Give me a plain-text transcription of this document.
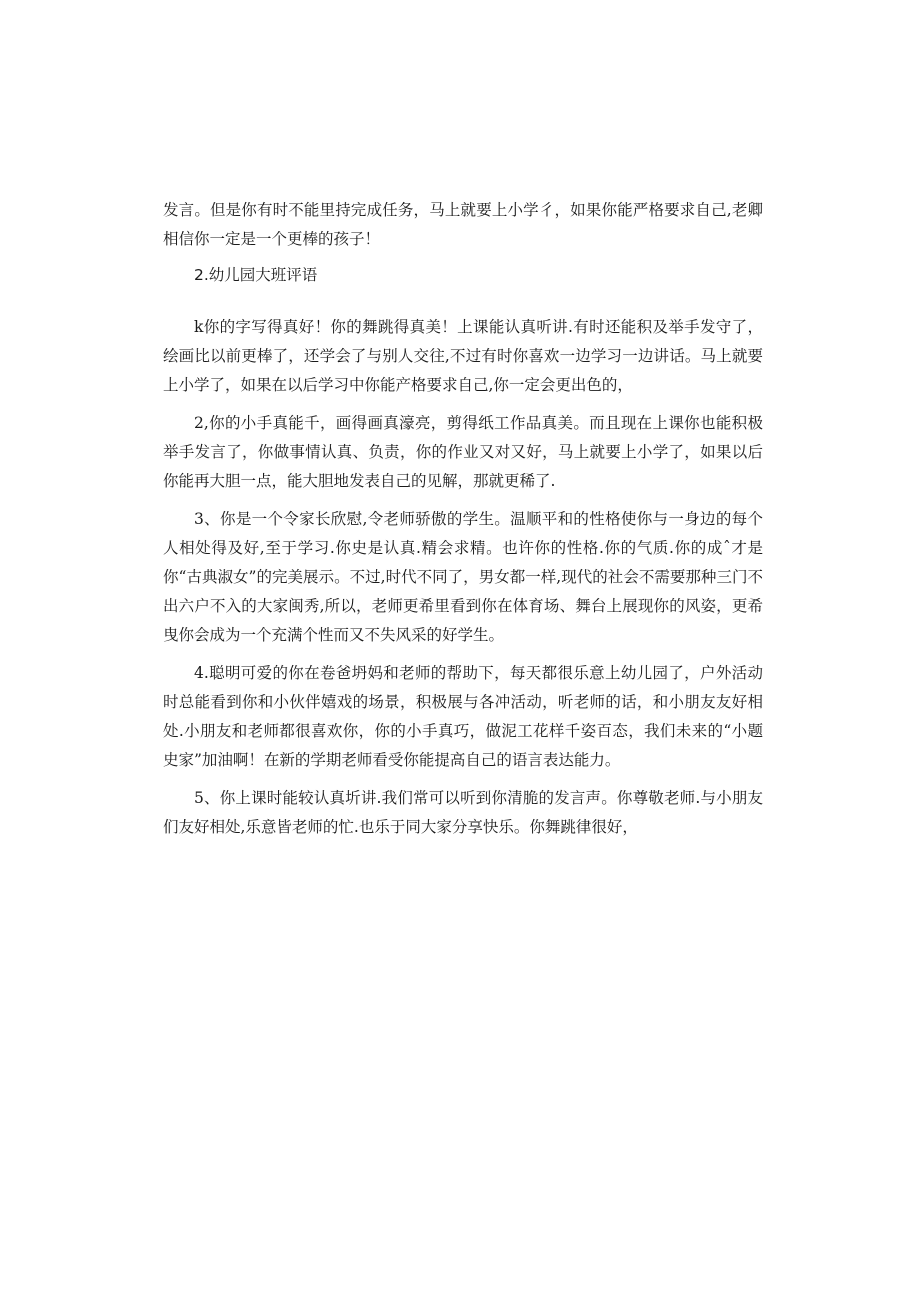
发言。但是你有时不能里持完成任务，马上就要上小学彳，如果你能严格要求自己,老卿相信你一定是一个更棒的孩子！

2.幼儿园大班评语

k你的字写得真好！你的舞跳得真美！上课能认真听讲.有时还能积及举手发守了，绘画比以前更棒了，还学会了与别人交往,不过有时你喜欢一边学习一边讲话。马上就要上小学了，如果在以后学习中你能产格要求自己,你一定会更出色的，

2,你的小手真能千，画得画真濠亮，剪得纸工作品真美。而且现在上课你也能积极举手发言了，你做事情认真、负责，你的作业又对又好，马上就要上小学了，如果以后你能再大胆一点，能大胆地发表自己的见解，那就更稀了.

3、你是一个令家长欣慰,令老师骄傲的学生。温顺平和的性格使你与一身边的每个人相处得及好,至于学习.你史是认真.精会求精。也许你的性格.你的气质.你的成ˆ才是你“古典淑女”的完美展示。不过,时代不同了，男女都一样,现代的社会不需要那种三门不出六户不入的大家闽秀,所以，老师更希里看到你在体育场、舞台上展现你的风姿，更希曳你会成为一个充满个性而又不失风采的好学生。

4.聪明可爱的你在卷爸坍妈和老师的帮助下，每天都很乐意上幼儿园了，户外活动时总能看到你和小伙伴嬉戏的场景，积极展与各冲活动，听老师的话，和小朋友友好相处.小朋友和老师都很喜欢你，你的小手真巧，做泥工花样千姿百态，我们未来的“小题史家”加油啊！在新的学期老师看受你能提高自己的语言表达能力。

5、你上课时能较认真圻讲.我们常可以听到你清脆的发言声。你尊敬老师.与小朋友们友好相处,乐意皆老师的忙.也乐于同大家分享快乐。你舞跳律很好，
